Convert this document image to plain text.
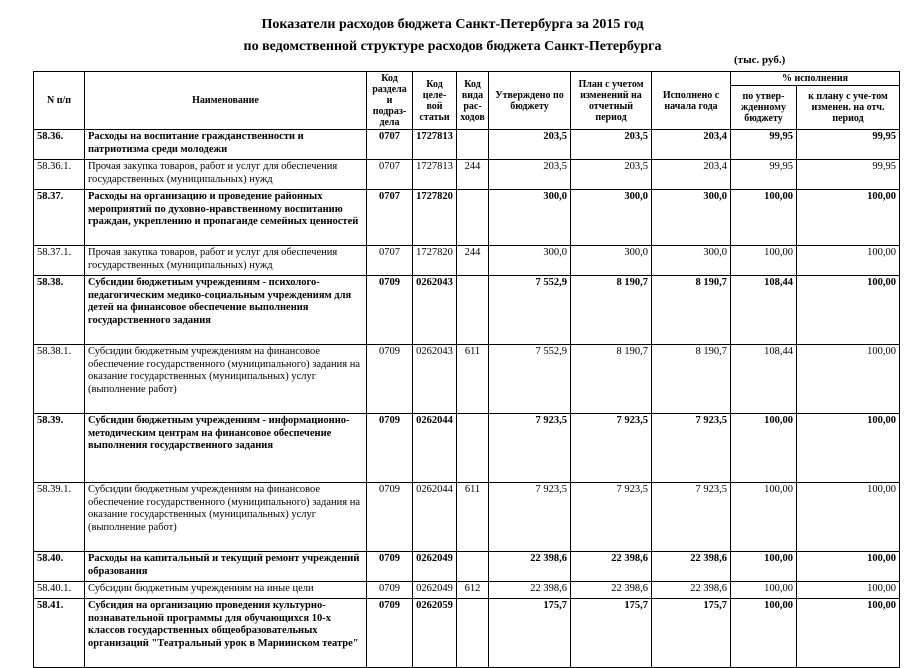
Показатели расходов бюджета Санкт-Петербурга за 2015 год
по ведомственной структуре расходов бюджета Санкт-Петербурга
(тыс. руб.)
N п/п	Наименование	Код раздела и подраз-дела	Код целе-вой статьи	Код вида рас-ходов	Утверждено по бюджету	План с учетом изменений на отчетный период	Исполнено с начала года	% исполнения	
								по утвер-жденному бюджету	к плану с уче-том изменен. на отч. период
58.36.	Расходы на воспитание гражданственности и патриотизма среди молодежи	0707	1727813		203,5	203,5	203,4	99,95	99,95
58.36.1.	Прочая закупка товаров, работ и услуг для обеспечения государственных (муниципальных) нужд	0707	1727813	244	203,5	203,5	203,4	99,95	99,95
58.37.	Расходы на организацию и проведение районных мероприятий по духовно-нравственному воспитанию граждан, укреплению и пропаганде семейных ценностей	0707	1727820		300,0	300,0	300,0	100,00	100,00
58.37.1.	Прочая закупка товаров, работ и услуг для обеспечения государственных (муниципальных) нужд	0707	1727820	244	300,0	300,0	300,0	100,00	100,00
58.38.	Субсидии бюджетным учреждениям - психолого-педагогическим медико-социальным учреждениям для детей на финансовое обеспечение выполнения государственного задания	0709	0262043		7 552,9	8 190,7	8 190,7	108,44	100,00
58.38.1.	Субсидии бюджетным учреждениям на финансовое обеспечение государственного (муниципального) задания на оказание государственных (муниципальных) услуг (выполнение работ)	0709	0262043	611	7 552,9	8 190,7	8 190,7	108,44	100,00
58.39.	Субсидии бюджетным учреждениям - информационно-методическим центрам на финансовое обеспечение выполнения государственного задания	0709	0262044		7 923,5	7 923,5	7 923,5	100,00	100,00
58.39.1.	Субсидии бюджетным учреждениям на финансовое обеспечение государственного (муниципального) задания на оказание государственных (муниципальных) услуг (выполнение работ)	0709	0262044	611	7 923,5	7 923,5	7 923,5	100,00	100,00
58.40.	Расходы на капитальный и текущий ремонт учреждений образования	0709	0262049		22 398,6	22 398,6	22 398,6	100,00	100,00
58.40.1.	Субсидии бюджетным учреждениям на иные цели	0709	0262049	612	22 398,6	22 398,6	22 398,6	100,00	100,00
58.41.	Субсидия на организацию проведения культурно-познавательной программы для обучающихся 10-х классов государственных общеобразовательных организаций "Театральный урок в Мариинском театре"	0709	0262059		175,7	175,7	175,7	100,00	100,00
